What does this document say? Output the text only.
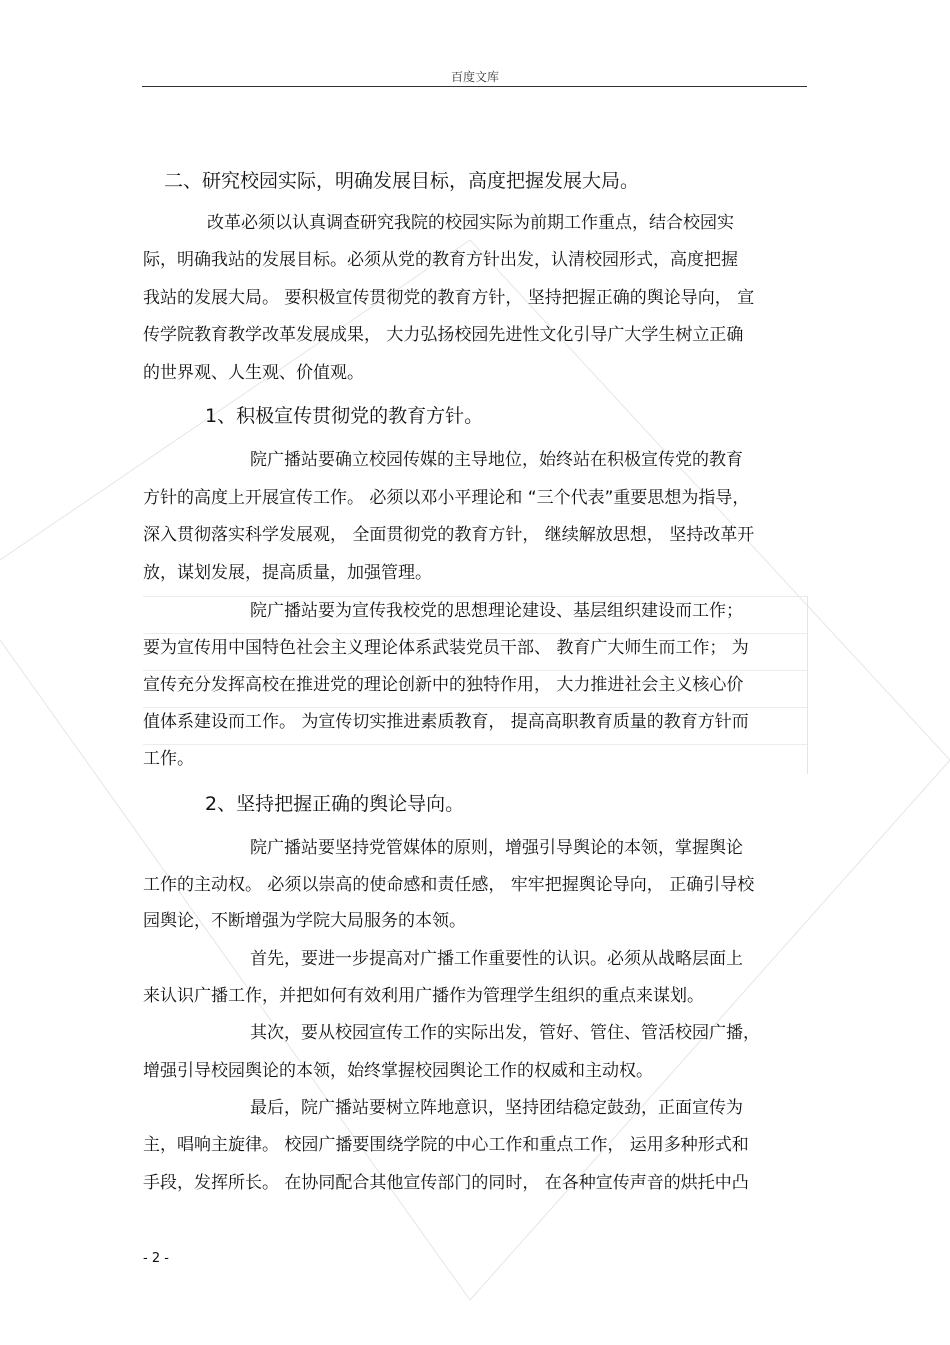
百度文库
二、研究校园实际，明确发展目标，高度把握发展大局。
改革必须以认真调查研究我院的校园实际为前期工作重点，结合校园实
际，明确我站的发展目标。必须从党的教育方针出发，认清校园形式，高度把握
我站的发展大局。 要积极宣传贯彻党的教育方针， 坚持把握正确的舆论导向， 宣
传学院教育教学改革发展成果， 大力弘扬校园先进性文化引导广大学生树立正确
的世界观、人生观、价值观。
1、积极宣传贯彻党的教育方针。
院广播站要确立校园传媒的主导地位，始终站在积极宣传党的教育
方针的高度上开展宣传工作。 必须以邓小平理论和 “三个代表”重要思想为指导，
深入贯彻落实科学发展观， 全面贯彻党的教育方针， 继续解放思想， 坚持改革开
放，谋划发展，提高质量，加强管理。
院广播站要为宣传我校党的思想理论建设、基层组织建设而工作；
要为宣传用中国特色社会主义理论体系武装党员干部、 教育广大师生而工作； 为
宣传充分发挥高校在推进党的理论创新中的独特作用， 大力推进社会主义核心价
值体系建设而工作。 为宣传切实推进素质教育， 提高高职教育质量的教育方针而
工作。
2、坚持把握正确的舆论导向。
院广播站要坚持党管媒体的原则，增强引导舆论的本领，掌握舆论
工作的主动权。 必须以崇高的使命感和责任感， 牢牢把握舆论导向， 正确引导校
园舆论，不断增强为学院大局服务的本领。
首先，要进一步提高对广播工作重要性的认识。必须从战略层面上
来认识广播工作，并把如何有效利用广播作为管理学生组织的重点来谋划。
其次，要从校园宣传工作的实际出发，管好、管住、管活校园广播，
增强引导校园舆论的本领，始终掌握校园舆论工作的权威和主动权。
最后，院广播站要树立阵地意识，坚持团结稳定鼓劲，正面宣传为
主，唱响主旋律。 校园广播要围绕学院的中心工作和重点工作， 运用多种形式和
手段，发挥所长。 在协同配合其他宣传部门的同时， 在各种宣传声音的烘托中凸
- 2 -
